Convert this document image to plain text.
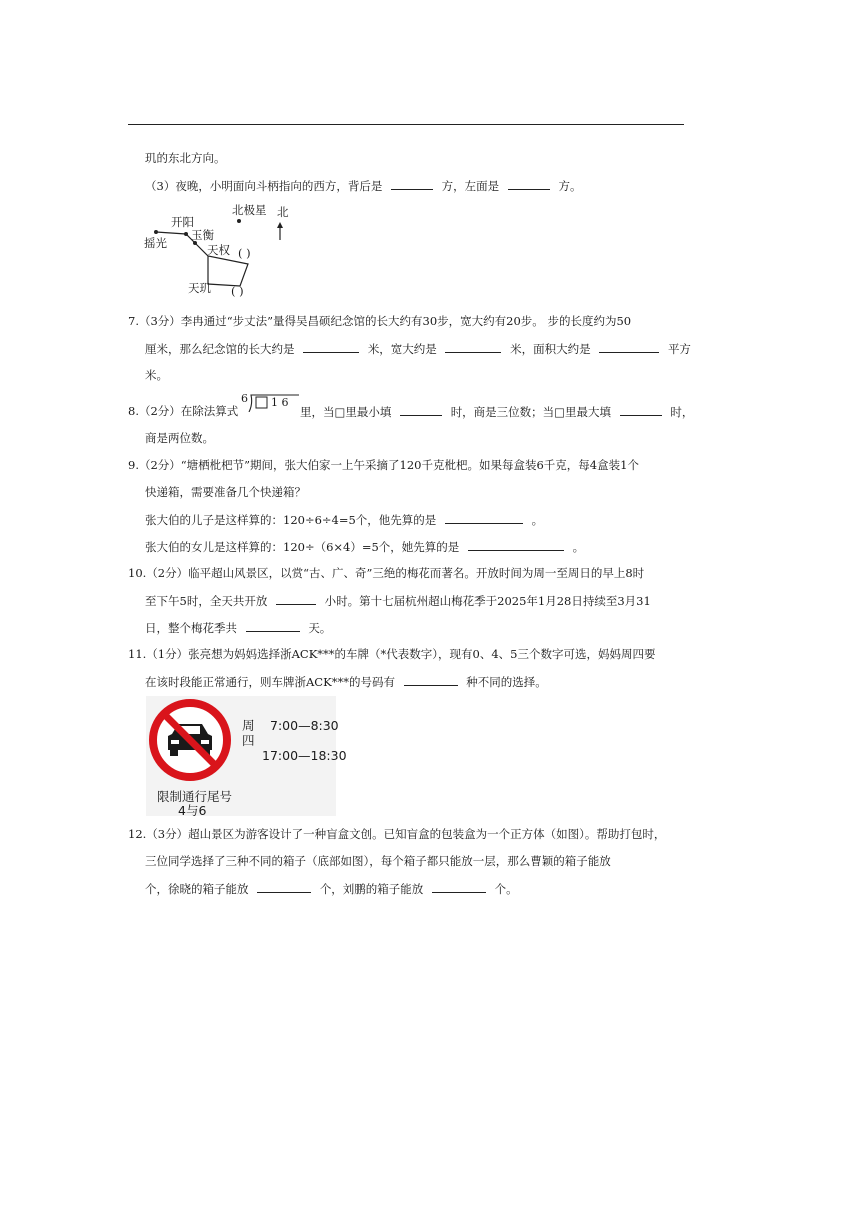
玑的东北方向。
（3）夜晚，小明面向斗柄指向的西方，背后是	方，左面是	方。
北极星 北
开阳
摇光
玉衡
天权 ( )
天玑 ( )
7.（3分）李冉通过“步丈法”量得吴昌硕纪念馆的长大约有30步，宽大约有20步。 步的长度约为50
厘米，那么纪念馆的长大约是	米，宽大约是	米，面积大约是	平方
米。
8.（2分）在除法算式
6 1 6
里，当□里最小填	时，商是三位数；当□里最大填	时，
商是两位数。
9.（2分）“塘栖枇杷节”期间，张大伯家一上午采摘了120千克枇杷。如果每盒装6千克，每4盒装1个
快递箱，需要准备几个快递箱？
张大伯的儿子是这样算的：120÷6÷4=5个，他先算的是	。
张大伯的女儿是这样算的：120÷（6×4）=5个，她先算的是	。
10.（2分）临平超山风景区，以赏“古、广、奇”三绝的梅花而著名。开放时间为周一至周日的早上8时
至下午5时，全天共开放	小时。第十七届杭州超山梅花季于2025年1月28日持续至3月31
日，整个梅花季共	天。
11.（1分）张亮想为妈妈选择浙ACK***的车牌（*代表数字），现有0、4、5三个数字可选，妈妈周四要
在该时段能正常通行，则车牌浙ACK***的号码有	种不同的选择。
周
四
7:00—8:30
17:00—18:30
限制通行尾号
4与6
12.（3分）超山景区为游客设计了一种盲盒文创。已知盲盒的包装盒为一个正方体（如图）。帮助打包时，
三位同学选择了三种不同的箱子（底部如图），每个箱子都只能放一层，那么曹颖的箱子能放
个，徐晓的箱子能放	个，刘鹏的箱子能放	个。
